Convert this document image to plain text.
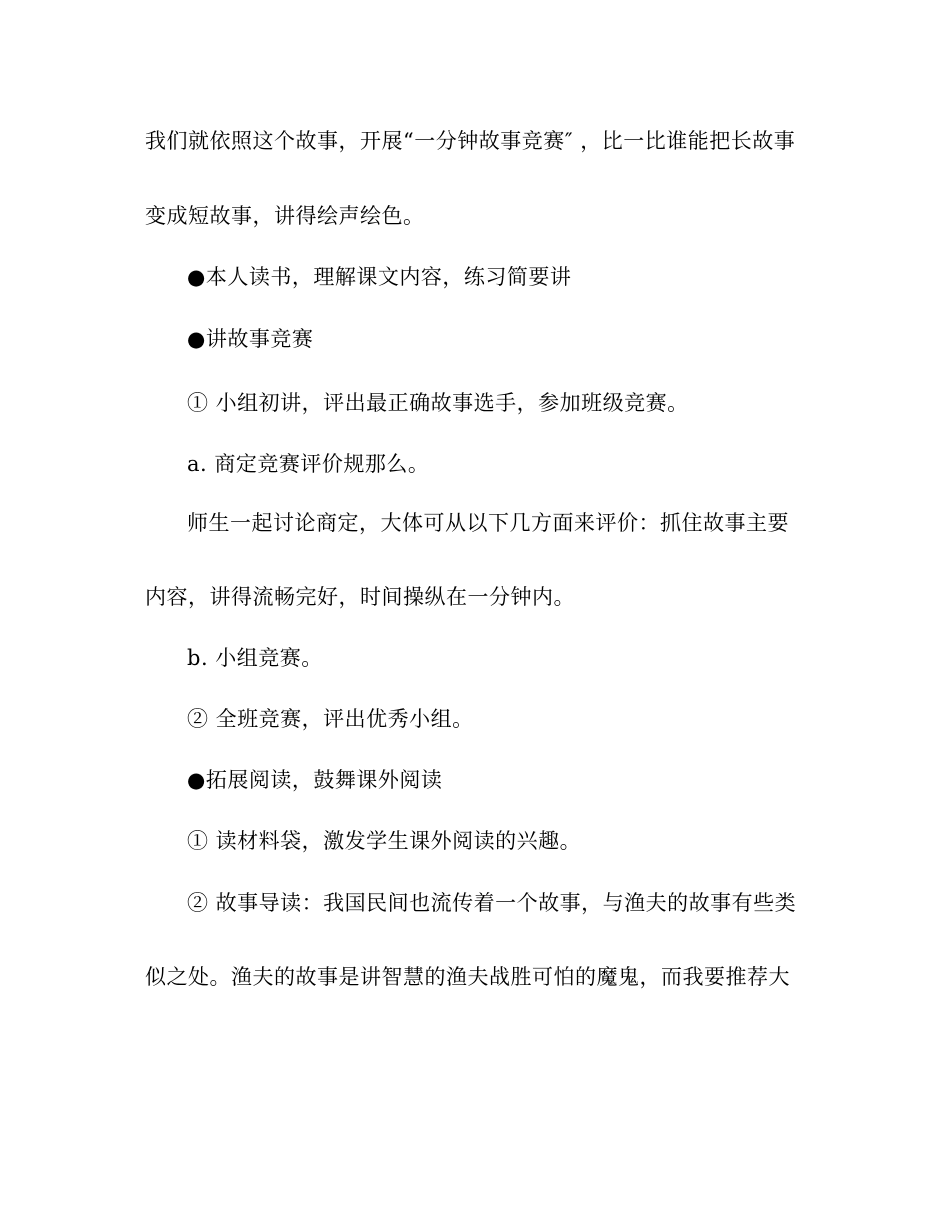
我们就依照这个故事，开展“一分钟故事竞赛″ ，比一比谁能把长故事
变成短故事，讲得绘声绘色。
●本人读书，理解课文内容，练习简要讲
●讲故事竞赛
① 小组初讲，评出最正确故事选手，参加班级竞赛。
a. 商定竞赛评价规那么。
师生一起讨论商定，大体可从以下几方面来评价：抓住故事主要
内容，讲得流畅完好，时间操纵在一分钟内。
b. 小组竞赛。
② 全班竞赛，评出优秀小组。
●拓展阅读，鼓舞课外阅读
① 读材料袋，激发学生课外阅读的兴趣。
② 故事导读：我国民间也流传着一个故事，与渔夫的故事有些类
似之处。渔夫的故事是讲智慧的渔夫战胜可怕的魔鬼，而我要推荐大
